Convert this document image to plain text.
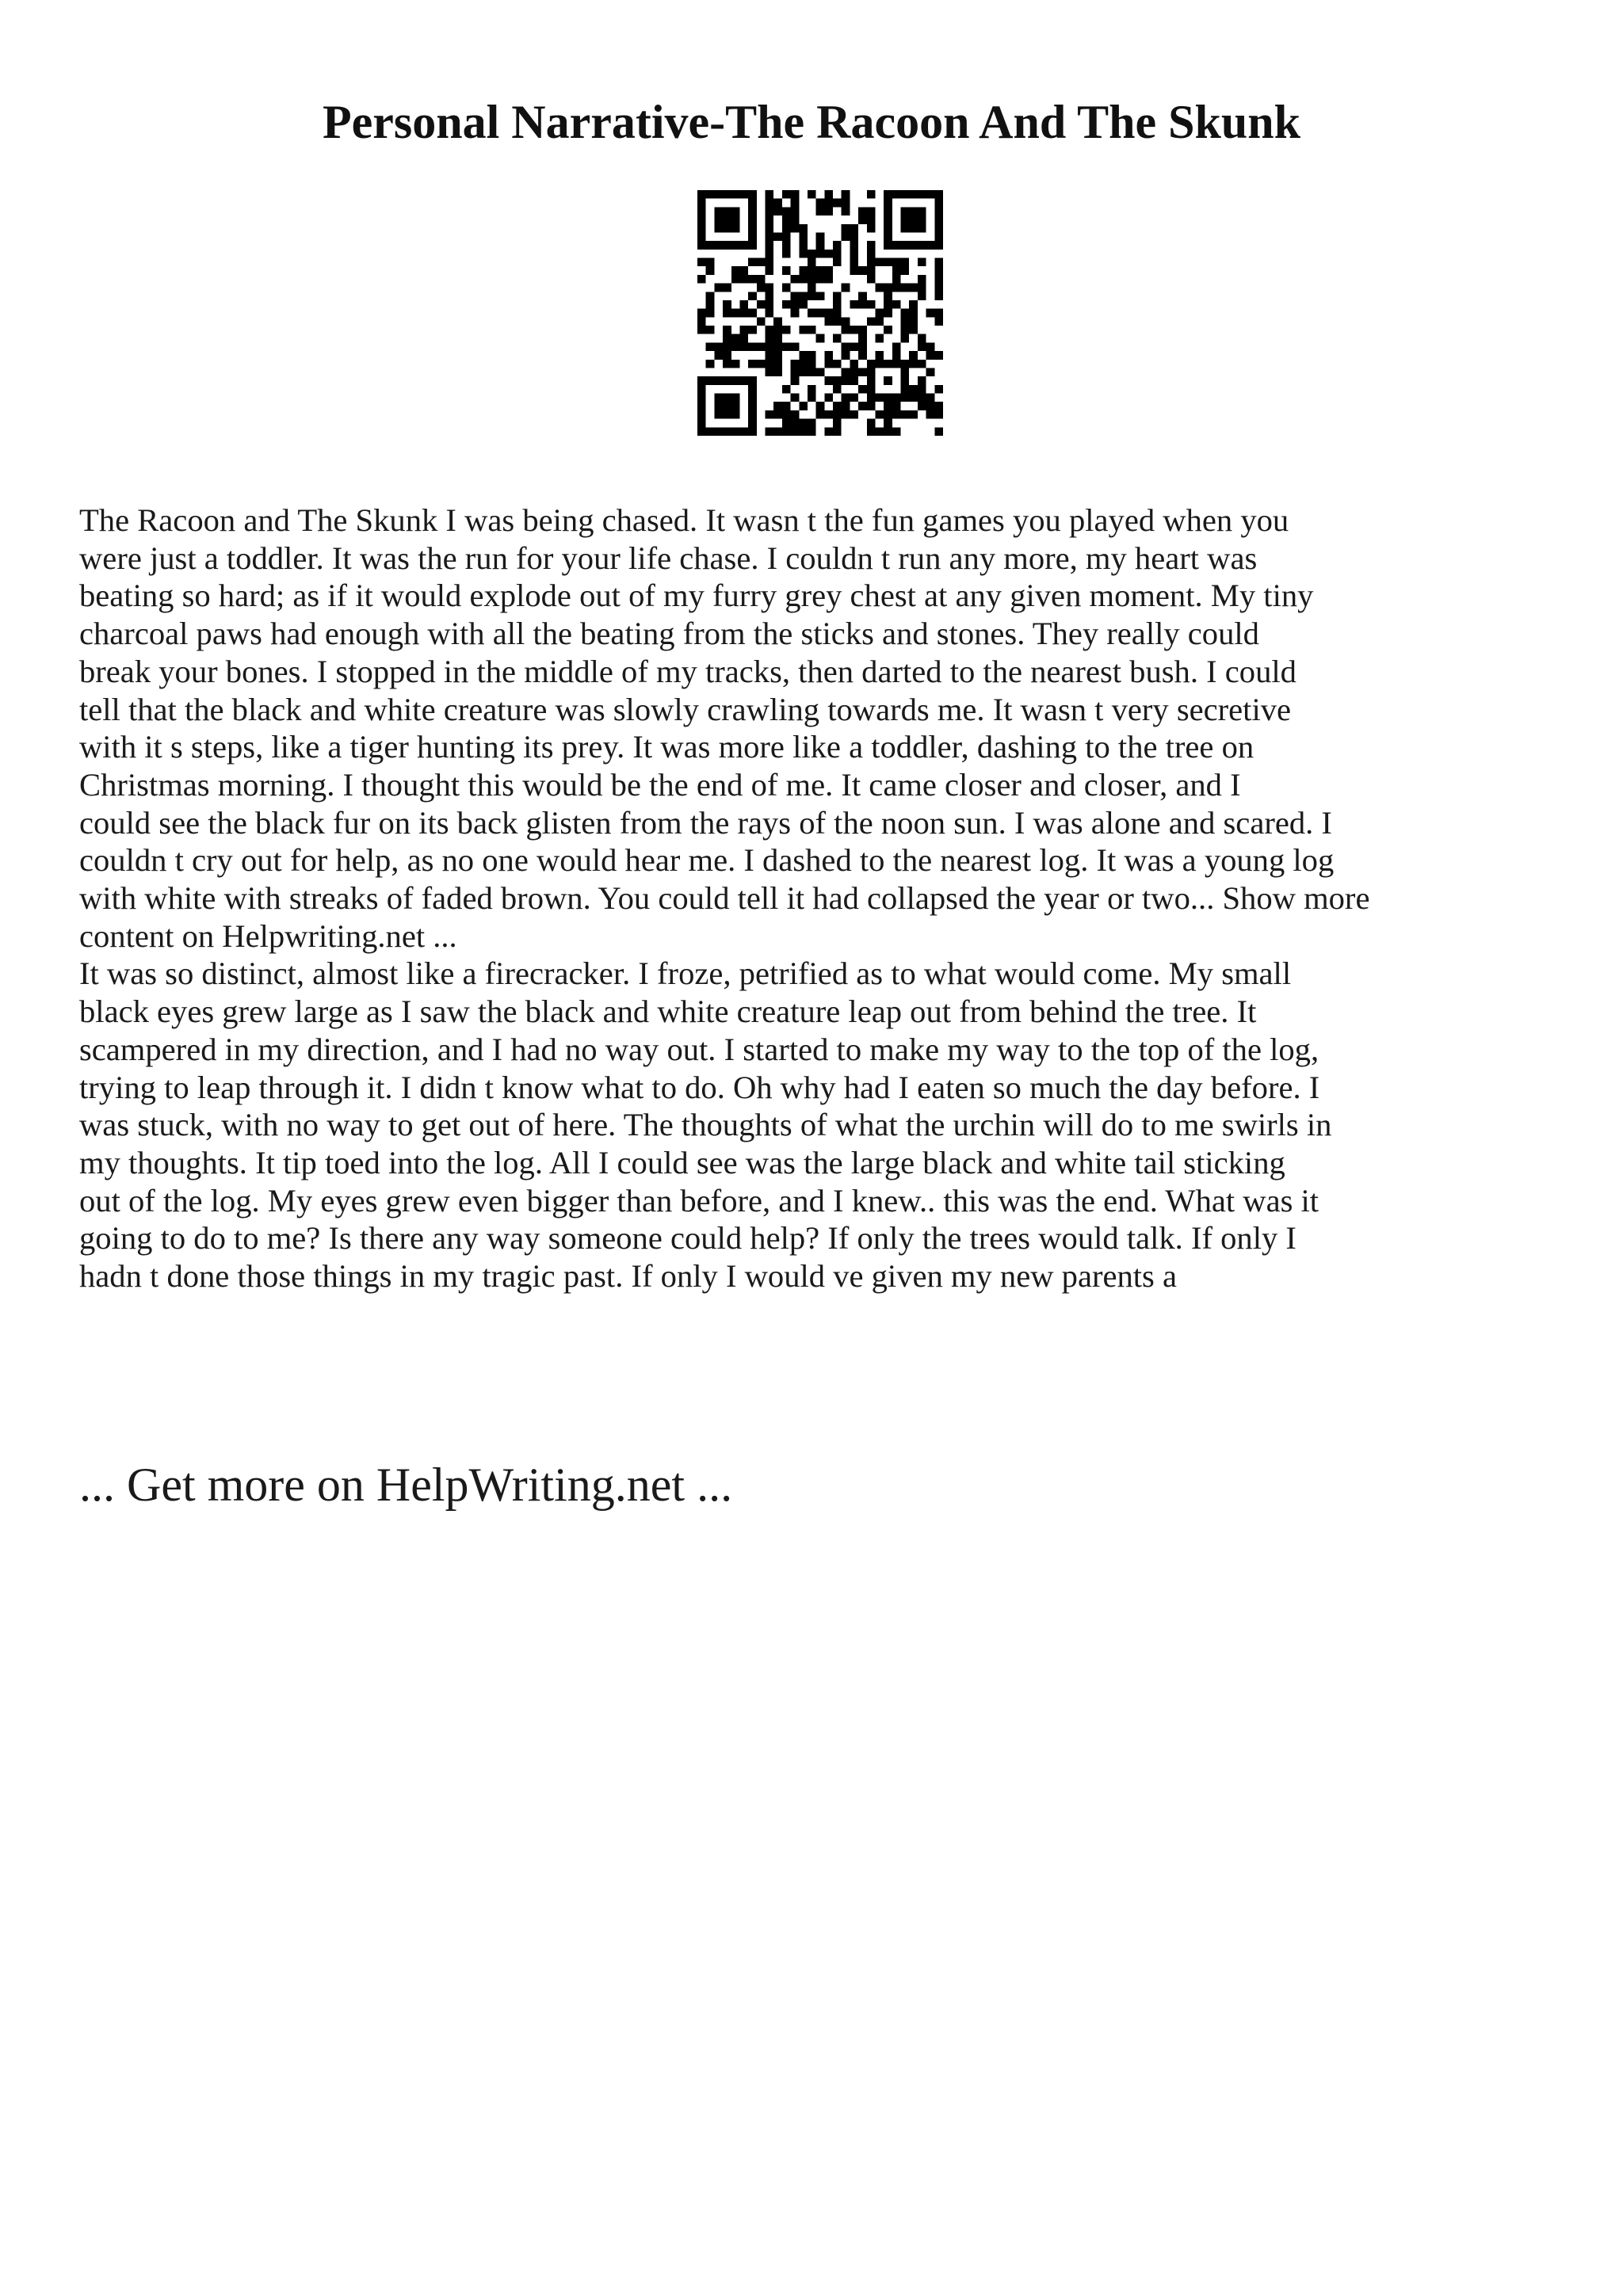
Personal Narrative-The Racoon And The Skunk

The Racoon and The Skunk I was being chased. It wasn t the fun games you played when you
were just a toddler. It was the run for your life chase. I couldn t run any more, my heart was
beating so hard; as if it would explode out of my furry grey chest at any given moment. My tiny
charcoal paws had enough with all the beating from the sticks and stones. They really could
break your bones. I stopped in the middle of my tracks, then darted to the nearest bush. I could
tell that the black and white creature was slowly crawling towards me. It wasn t very secretive
with it s steps, like a tiger hunting its prey. It was more like a toddler, dashing to the tree on
Christmas morning. I thought this would be the end of me. It came closer and closer, and I
could see the black fur on its back glisten from the rays of the noon sun. I was alone and scared. I
couldn t cry out for help, as no one would hear me. I dashed to the nearest log. It was a young log
with white with streaks of faded brown. You could tell it had collapsed the year or two... Show more
content on Helpwriting.net ...

It was so distinct, almost like a firecracker. I froze, petrified as to what would come. My small
black eyes grew large as I saw the black and white creature leap out from behind the tree. It
scampered in my direction, and I had no way out. I started to make my way to the top of the log,
trying to leap through it. I didn t know what to do. Oh why had I eaten so much the day before. I
was stuck, with no way to get out of here. The thoughts of what the urchin will do to me swirls in
my thoughts. It tip toed into the log. All I could see was the large black and white tail sticking
out of the log. My eyes grew even bigger than before, and I knew.. this was the end. What was it
going to do to me? Is there any way someone could help? If only the trees would talk. If only I
hadn t done those things in my tragic past. If only I would ve given my new parents a

... Get more on HelpWriting.net ...
